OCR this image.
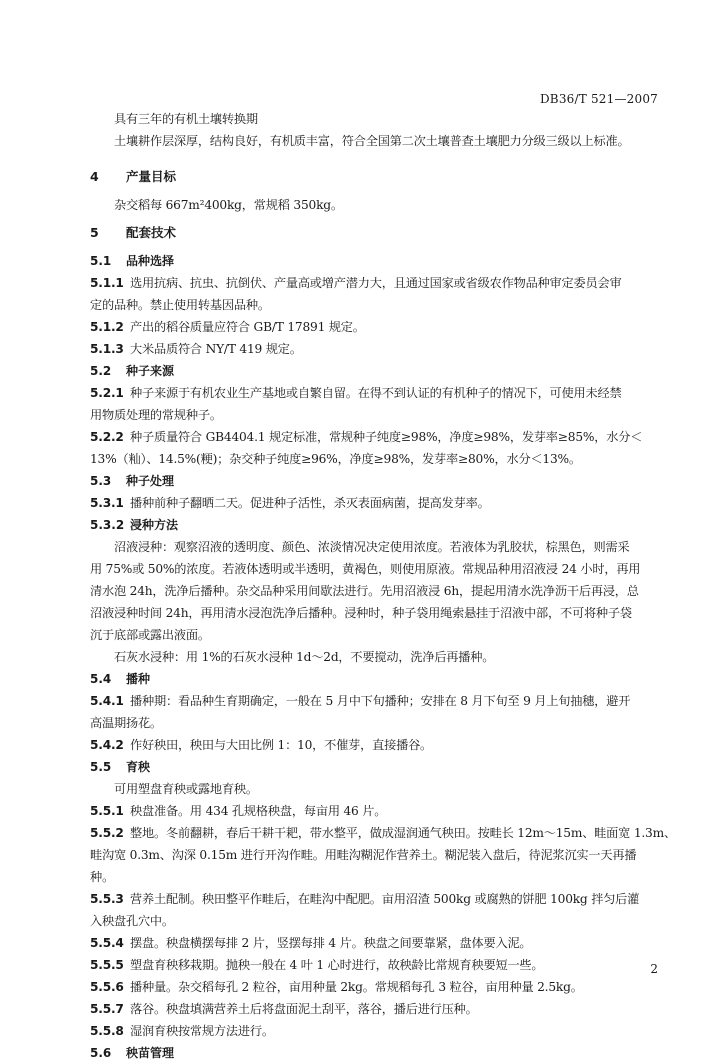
DB36/T 521—2007
具有三年的有机土壤转换期
土壤耕作层深厚，结构良好，有机质丰富，符合全国第二次土壤普查土壤肥力分级三级以上标准。
4 产量目标
杂交稻每 667m²400kg，常规稻 350kg。
5 配套技术
5.1 品种选择
5.1.1 选用抗病、抗虫、抗倒伏、产量高或增产潜力大，且通过国家或省级农作物品种审定委员会审
定的品种。禁止使用转基因品种。
5.1.2 产出的稻谷质量应符合 GB/T 17891 规定。
5.1.3 大米品质符合 NY/T 419 规定。
5.2 种子来源
5.2.1 种子来源于有机农业生产基地或自繁自留。在得不到认证的有机种子的情况下，可使用未经禁
用物质处理的常规种子。
5.2.2 种子质量符合 GB4404.1 规定标准，常规种子纯度≥98%，净度≥98%，发芽率≥85%，水分＜
13%（籼）、14.5%(粳)；杂交种子纯度≥96%，净度≥98%，发芽率≥80%，水分＜13%。
5.3 种子处理
5.3.1 播种前种子翻晒二天。促进种子活性，杀灭表面病菌，提高发芽率。
5.3.2 浸种方法
沼液浸种：观察沼液的透明度、颜色、浓淡情况决定使用浓度。若液体为乳胶状，棕黑色，则需采
用 75%或 50%的浓度。若液体透明或半透明，黄褐色，则使用原液。常规品种用沼液浸 24 小时，再用
清水泡 24h，洗净后播种。杂交品种采用间歇法进行。先用沼液浸 6h，提起用清水洗净沥干后再浸，总
沼液浸种时间 24h，再用清水浸泡洗净后播种。浸种时，种子袋用绳索悬挂于沼液中部，不可将种子袋
沉于底部或露出液面。
石灰水浸种：用 1%的石灰水浸种 1d～2d，不要搅动，洗净后再播种。
5.4 播种
5.4.1 播种期：看品种生育期确定，一般在 5 月中下旬播种；安排在 8 月下旬至 9 月上旬抽穗，避开
高温期扬花。
5.4.2 作好秧田，秧田与大田比例 1：10，不催芽，直接播谷。
5.5 育秧
可用塑盘育秧或露地育秧。
5.5.1 秧盘准备。用 434 孔规格秧盘，每亩用 46 片。
5.5.2 整地。冬前翻耕，春后干耕干耙，带水整平，做成湿润通气秧田。按畦长 12m～15m、畦面宽 1.3m、
畦沟宽 0.3m、沟深 0.15m 进行开沟作畦。用畦沟糊泥作营养土。糊泥装入盘后，待泥浆沉实一天再播
种。
5.5.3 营养土配制。秧田整平作畦后，在畦沟中配肥。亩用沼渣 500kg 或腐熟的饼肥 100kg 拌匀后灌
入秧盘孔穴中。
5.5.4 摆盘。秧盘横摆每排 2 片，竖摆每排 4 片。秧盘之间要靠紧，盘体要入泥。
5.5.5 塑盘育秧移栽期。抛秧一般在 4 叶 1 心时进行，故秧龄比常规育秧要短一些。
5.5.6 播种量。杂交稻每孔 2 粒谷，亩用种量 2kg。常规稻每孔 3 粒谷，亩用种量 2.5kg。
5.5.7 落谷。秧盘填满营养土后将盘面泥土刮平，落谷，播后进行压种。
5.5.8 湿润育秧按常规方法进行。
5.6 秧苗管理
2
